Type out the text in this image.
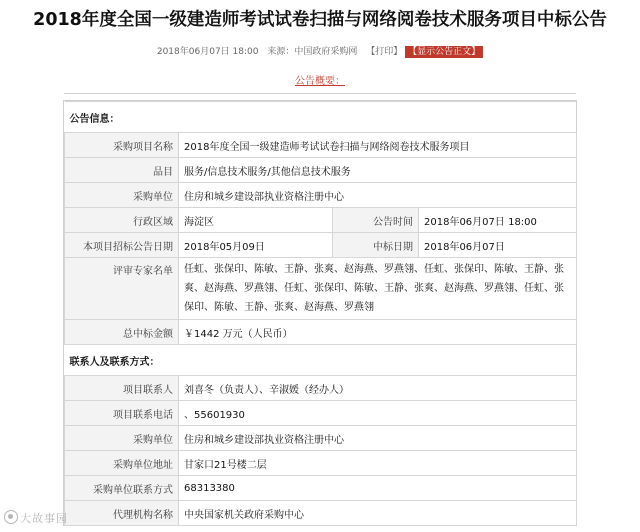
2018年度全国一级建造师考试试卷扫描与网络阅卷技术服务项目中标公告
2018年06月07日 18:00 来源：中国政府采购网 【打印】 【显示公告正文】
公告概要：
公告信息：			
采购项目名称	2018年度全国一级建造师考试试卷扫描与网络阅卷技术服务项目		
品目	服务/信息技术服务/其他信息技术服务		
采购单位	住房和城乡建设部执业资格注册中心		
行政区域	海淀区	公告时间	2018年06月07日 18:00
本项目招标公告日期	2018年05月09日	中标日期	2018年06月07日
评审专家名单	任虹、张保印、陈敏、王静、张爽、赵海燕、罗燕翎、任虹、张保印、陈敏、王静、张爽、赵海燕、罗燕翎、任虹、张保印、陈敏、王静、张爽、赵海燕、罗燕翎、任虹、张保印、陈敏、王静、张爽、赵海燕、罗燕翎		
总中标金额	￥1442 万元（人民币）		
联系人及联系方式：			
项目联系人	刘喜冬（负责人）、辛淑媛（经办人）		
项目联系电话	、55601930		
采购单位	住房和城乡建设部执业资格注册中心		
采购单位地址	甘家口21号楼二层		
采购单位联系方式	68313380		
代理机构名称	中央国家机关政府采购中心		
大故事园
